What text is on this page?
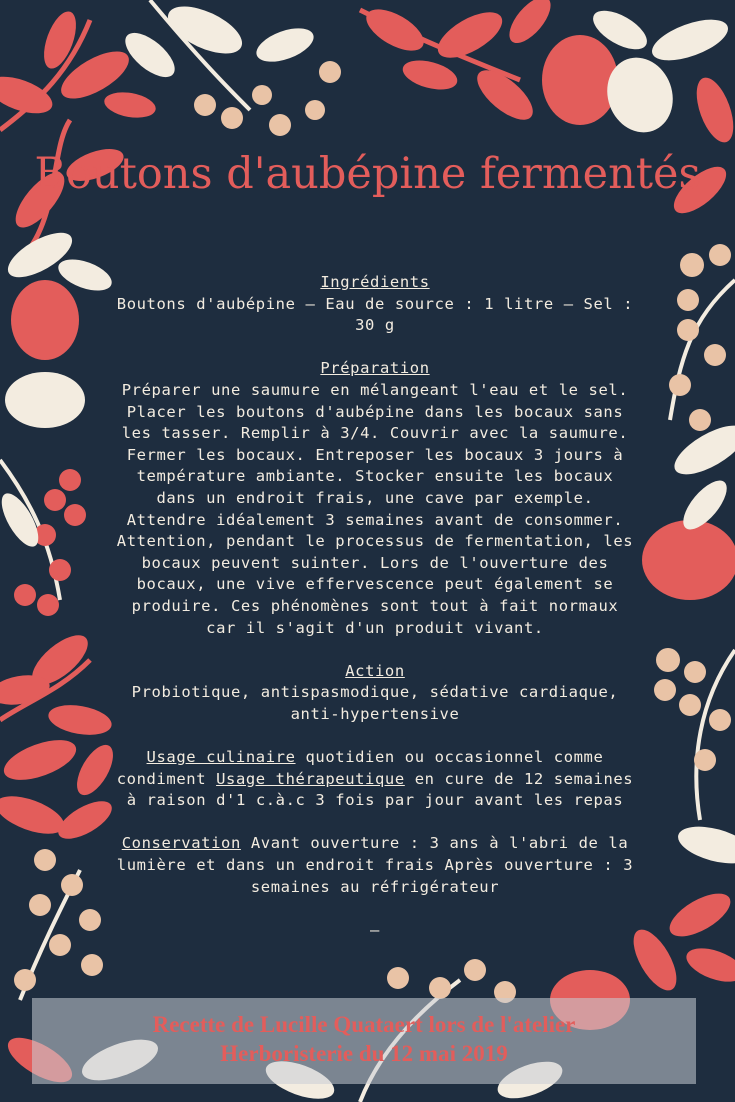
Boutons d'aubépine fermentés

Ingrédients
Boutons d'aubépine – Eau de source : 1 litre – Sel : 30 g

Préparation
Préparer une saumure en mélangeant l'eau et le sel. Placer les boutons d'aubépine dans les bocaux sans les tasser. Remplir à 3/4. Couvrir avec la saumure. Fermer les bocaux. Entreposer les bocaux 3 jours à température ambiante. Stocker ensuite les bocaux dans un endroit frais, une cave par exemple. Attendre idéalement 3 semaines avant de consommer. Attention, pendant le processus de fermentation, les bocaux peuvent suinter. Lors de l'ouverture des bocaux, une vive effervescence peut également se produire. Ces phénomènes sont tout à fait normaux car il s'agit d'un produit vivant.

Action
Probiotique, antispasmodique, sédative cardiaque, anti-hypertensive

Usage culinaire quotidien ou occasionnel comme condiment Usage thérapeutique en cure de 12 semaines à raison d'1 c.à.c 3 fois par jour avant les repas

Conservation Avant ouverture : 3 ans à l'abri de la lumière et dans un endroit frais Après ouverture : 3 semaines au réfrigérateur

–

Recette de Lucille Quataert lors de l'atelier
Herboristerie du 12 mai 2019
